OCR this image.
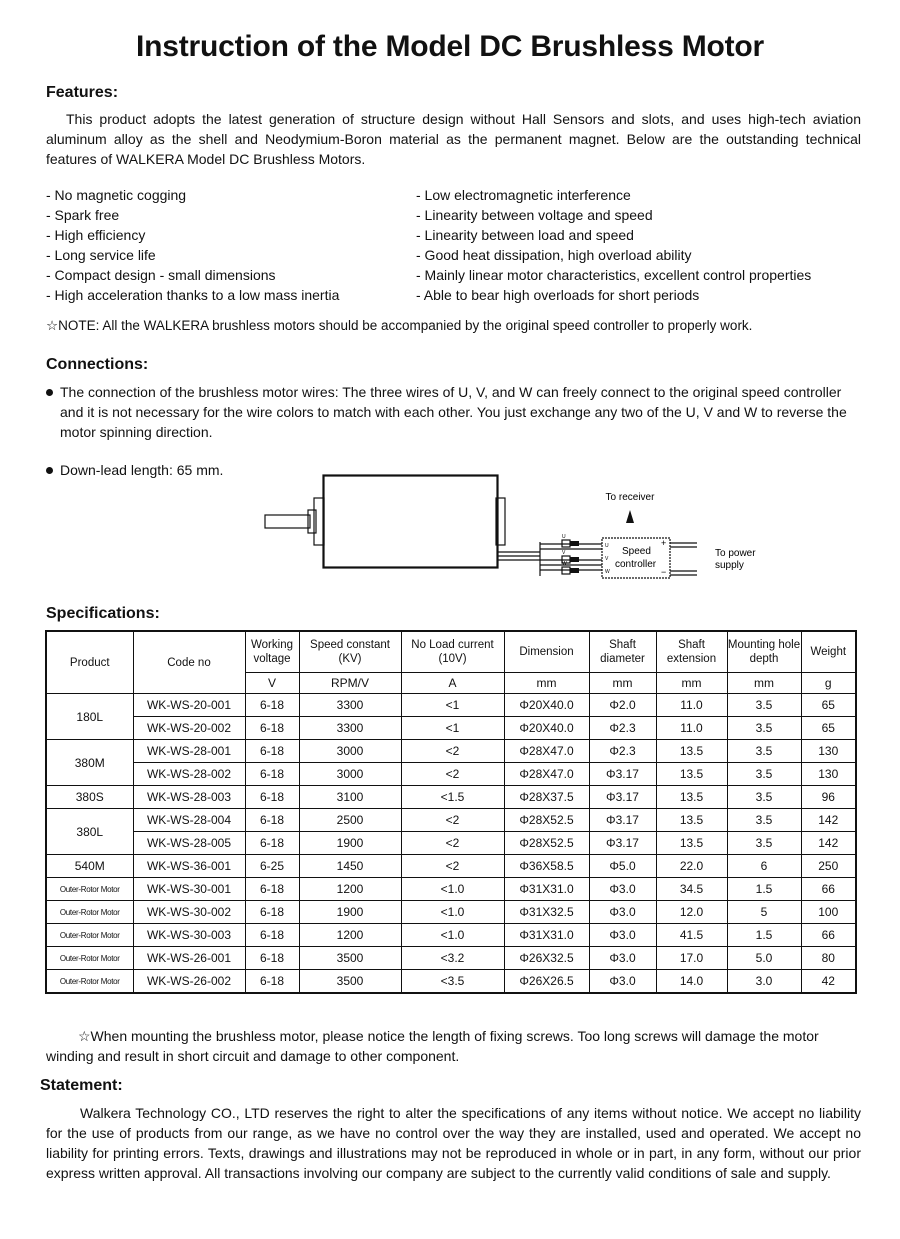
Instruction of the Model DC Brushless Motor
Features:
This product adopts the latest generation of structure design without Hall Sensors and slots, and uses high-tech aviation aluminum alloy as the shell and Neodymium-Boron material as the permanent magnet. Below are the outstanding technical features of WALKERA Model DC Brushless Motors.
- No magnetic cogging
- Spark free
- High efficiency
- Long service life
- Compact design - small dimensions
- High acceleration thanks to a low mass inertia
- Low electromagnetic interference
- Linearity between voltage and speed
- Linearity between load and speed
- Good heat dissipation, high overload ability
- Mainly linear motor characteristics, excellent control properties
- Able to bear high overloads for short periods
☆NOTE: All the WALKERA brushless motors should be accompanied by the original speed controller to properly work.
Connections:
The connection of the brushless motor wires: The three wires of U, V, and W can freely connect to the original speed controller and it is not necessary for the wire colors to match with each other. You just exchange any two of the U, V and W to reverse the motor spinning direction.
Down-lead length: 65 mm.
To receiver
Speed
controller
U
V
W
U
V
W
+
−
To power
supply
Specifications:
Product	Code no	Working voltage	Speed constant (KV)	No Load current (10V)	Dimension	Shaft diameter	Shaft extension	Mounting hole depth	Weight
		V	RPM/V	A	mm	mm	mm	mm	g
180L	WK-WS-20-001	6-18	3300	<1	Φ20X40.0	Φ2.0	11.0	3.5	65
	WK-WS-20-002	6-18	3300	<1	Φ20X40.0	Φ2.3	11.0	3.5	65
380M	WK-WS-28-001	6-18	3000	<2	Φ28X47.0	Φ2.3	13.5	3.5	130
	WK-WS-28-002	6-18	3000	<2	Φ28X47.0	Φ3.17	13.5	3.5	130
380S	WK-WS-28-003	6-18	3100	<1.5	Φ28X37.5	Φ3.17	13.5	3.5	96
380L	WK-WS-28-004	6-18	2500	<2	Φ28X52.5	Φ3.17	13.5	3.5	142
	WK-WS-28-005	6-18	1900	<2	Φ28X52.5	Φ3.17	13.5	3.5	142
540M	WK-WS-36-001	6-25	1450	<2	Φ36X58.5	Φ5.0	22.0	6	250
Outer-Rotor Motor	WK-WS-30-001	6-18	1200	<1.0	Φ31X31.0	Φ3.0	34.5	1.5	66
Outer-Rotor Motor	WK-WS-30-002	6-18	1900	<1.0	Φ31X32.5	Φ3.0	12.0	5	100
Outer-Rotor Motor	WK-WS-30-003	6-18	1200	<1.0	Φ31X31.0	Φ3.0	41.5	1.5	66
Outer-Rotor Motor	WK-WS-26-001	6-18	3500	<3.2	Φ26X32.5	Φ3.0	17.0	5.0	80
Outer-Rotor Motor	WK-WS-26-002	6-18	3500	<3.5	Φ26X26.5	Φ3.0	14.0	3.0	42
☆When mounting the brushless motor, please notice the length of fixing screws. Too long screws will damage the motor winding and result in short circuit and damage to other component.
Statement:
Walkera Technology CO., LTD reserves the right to alter the specifications of any items without notice. We accept no liability for the use of products from our range, as we have no control over the way they are installed, used and operated. We accept no liability for printing errors. Texts, drawings and illustrations may not be reproduced in whole or in part, in any form, without our prior express written approval. All transactions involving our company are subject to the currently valid conditions of sale and supply.
